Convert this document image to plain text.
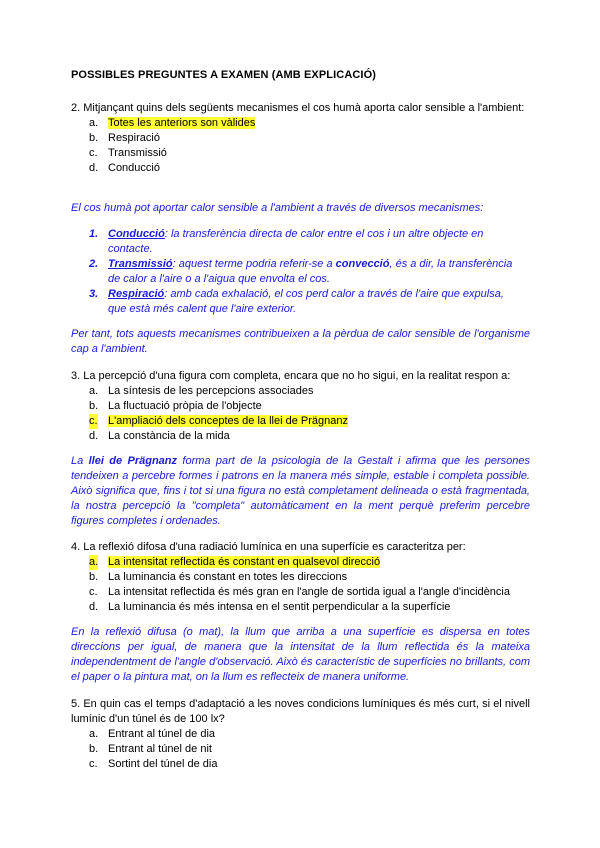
POSSIBLES PREGUNTES A EXAMEN (AMB EXPLICACIÓ)
2. Mitjançant quins dels següents mecanismes el cos humà aporta calor sensible a l'ambient:
a. Totes les anteriors son vàlides
b. Respiració
c. Transmissió
d. Conducció
El cos humà pot aportar calor sensible a l'ambient a través de diversos mecanismes:
1. Conducció: la transferència directa de calor entre el cos i un altre objecte en
contacte.
2. Transmissió: aquest terme podria referir-se a convecció, és a dir, la transferència
de calor a l'aire o a l'aigua que envolta el cos.
3. Respiració: amb cada exhalació, el cos perd calor a través de l'aire que expulsa,
que està més calent que l'aire exterior.
Per tant, tots aquests mecanismes contribueixen a la pèrdua de calor sensible de l'organisme cap a l'ambient.
3. La percepció d'una figura com completa, encara que no ho sigui, en la realitat respon a:
a. La síntesis de les percepcions associades
b. La fluctuació pròpia de l'objecte
c. L'ampliació dels conceptes de la llei de Prägnanz
d. La constància de la mida
La llei de Prägnanz forma part de la psicologia de la Gestalt i afirma que les persones tendeixen a percebre formes i patrons en la manera més simple, estable i completa possible. Això significa que, fins i tot si una figura no està completament delineada o està fragmentada, la nostra percepció la "completa" automàticament en la ment perquè preferim percebre figures completes i ordenades.
4. La reflexió difosa d'una radiació lumínica en una superfície es caracteritza per:
a. La intensitat reflectida és constant en qualsevol direcció
b. La luminancia és constant en totes les direccions
c. La intensitat reflectida és més gran en l'angle de sortida igual a l'angle d'incidència
d. La luminancia és més intensa en el sentit perpendicular a la superfície
En la reflexió difusa (o mat), la llum que arriba a una superfície es dispersa en totes direccions per igual, de manera que la intensitat de la llum reflectida és la mateixa independentment de l'angle d'observació. Això és característic de superfícies no brillants, com el paper o la pintura mat, on la llum es reflecteix de manera uniforme.
5. En quin cas el temps d'adaptació a les noves condicions lumíniques és més curt, si el nivell lumínic d'un túnel és de 100 lx?
a. Entrant al túnel de dia
b. Entrant al túnel de nit
c. Sortint del túnel de dia
